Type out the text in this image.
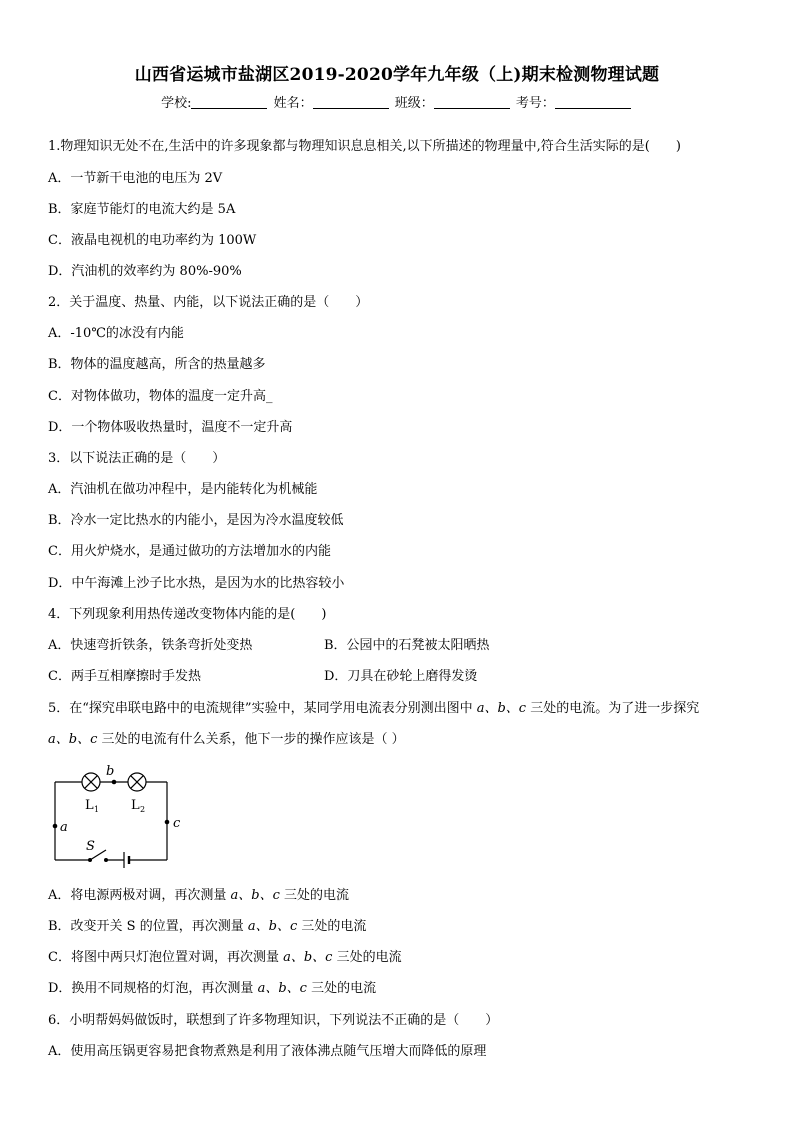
山西省运城市盐湖区2019-2020学年九年级（上)期末检测物理试题
学校:	姓名：	班级：	考号：
1.物理知识无处不在,生活中的许多现象都与物理知识息息相关,以下所描述的物理量中,符合生活实际的是(　　)
A．一节新干电池的电压为 2V
B．家庭节能灯的电流大约是 5A
C．液晶电视机的电功率约为 100W
D．汽油机的效率约为 80%-90%
2．关于温度、热量、内能，以下说法正确的是（　　）
A．-10℃的冰没有内能
B．物体的温度越高，所含的热量越多
C．对物体做功，物体的温度一定升高_
D．一个物体吸收热量时，温度不一定升高
3．以下说法正确的是（　　）
A．汽油机在做功冲程中，是内能转化为机械能
B．冷水一定比热水的内能小，是因为冷水温度较低
C．用火炉烧水，是通过做功的方法增加水的内能
D．中午海滩上沙子比水热，是因为水的比热容较小
4．下列现象利用热传递改变物体内能的是(　　)
A．快速弯折铁条，铁条弯折处变热	B．公园中的石凳被太阳晒热
C．两手互相摩擦时手发热	D．刀具在砂轮上磨得发烫
5．在“探究串联电路中的电流规律”实验中，某同学用电流表分别测出图中 a、b、c 三处的电流。为了进一步探究
a、b、c 三处的电流有什么关系，他下一步的操作应该是（ ）
b
a	c
S
L 1 L 2
A．将电源两极对调，再次测量 a、b、c 三处的电流
B．改变开关 S 的位置，再次测量 a、b、c 三处的电流
C．将图中两只灯泡位置对调，再次测量 a、b、c 三处的电流
D．换用不同规格的灯泡，再次测量 a、b、c 三处的电流
6．小明帮妈妈做饭时，联想到了许多物理知识，下列说法不正确的是（　　）
A．使用高压锅更容易把食物煮熟是利用了液体沸点随气压增大而降低的原理
